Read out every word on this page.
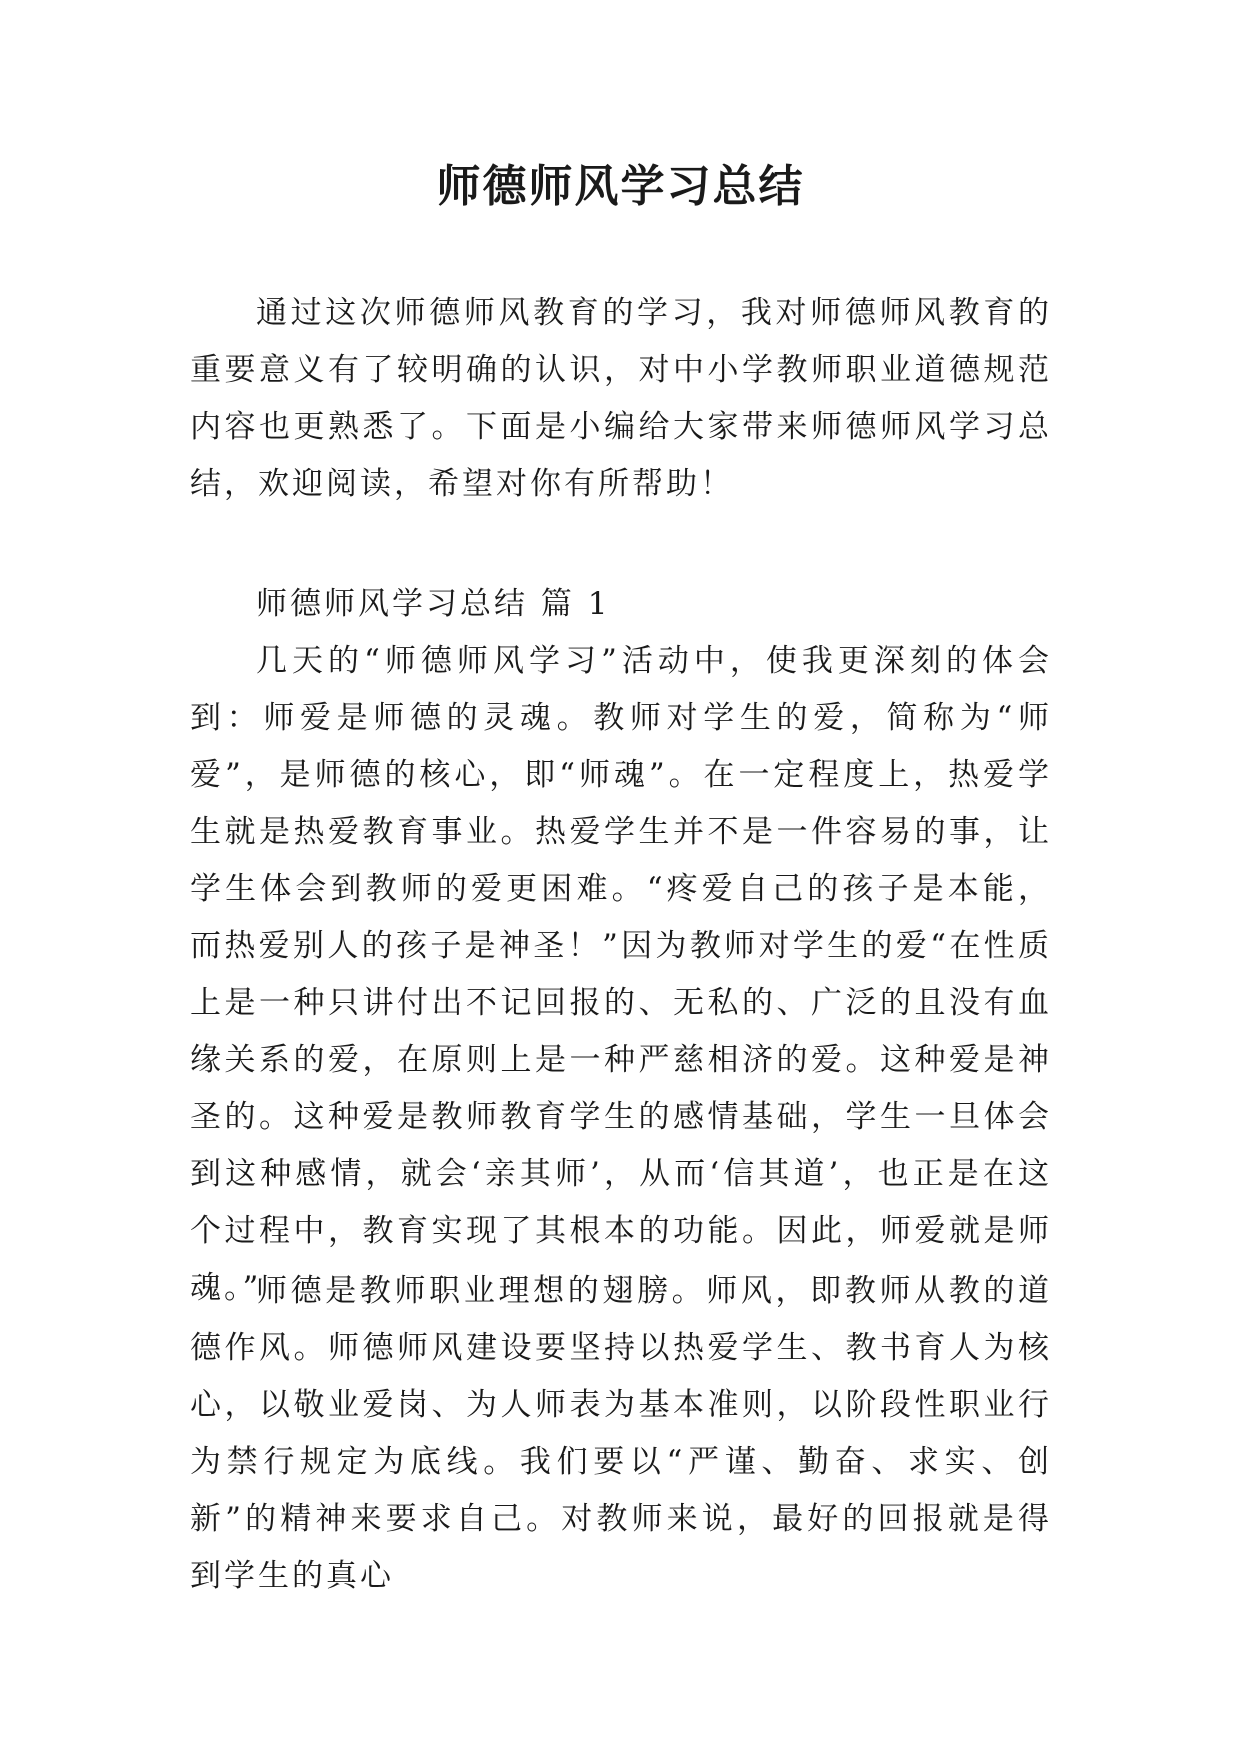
师德师风学习总结

通过这次师德师风教育的学习，我对师德师风教育的重要意义有了较明确的认识，对中小学教师职业道德规范内容也更熟悉了。下面是小编给大家带来师德师风学习总结，欢迎阅读，希望对你有所帮助！

师德师风学习总结 篇 1

几天的“师德师风学习”活动中，使我更深刻的体会到：师爱是师德的灵魂。教师对学生的爱，简称为“师爱”，是师德的核心，即“师魂”。在一定程度上，热爱学生就是热爱教育事业。热爱学生并不是一件容易的事，让学生体会到教师的爱更困难。“疼爱自己的孩子是本能，而热爱别人的孩子是神圣！”因为教师对学生的爱“在性质上是一种只讲付出不记回报的、无私的、广泛的且没有血缘关系的爱，在原则上是一种严慈相济的爱。这种爱是神圣的。这种爱是教师教育学生的感情基础，学生一旦体会到这种感情，就会‘亲其师’，从而‘信其道’，也正是在这个过程中，教育实现了其根本的功能。因此，师爱就是师魂。”

师德是教师职业理想的翅膀。师风，即教师从教的道德作风。师德师风建设要坚持以热爱学生、教书育人为核心，以敬业爱岗、为人师表为基本准则，以阶段性职业行为禁行规定为底线。我们要以“严谨、勤奋、求实、创新”的精神来要求自己。对教师来说，最好的回报就是得到学生的真心
